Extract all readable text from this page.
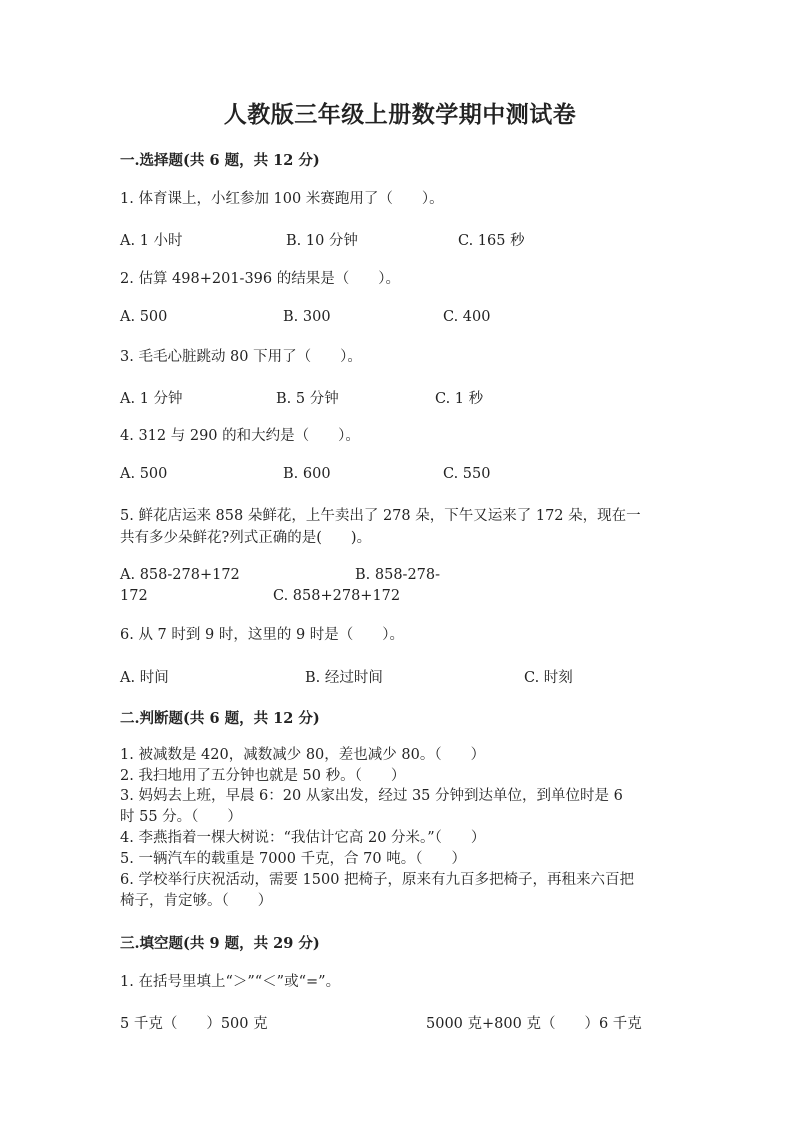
人教版三年级上册数学期中测试卷
一.选择题(共 6 题，共 12 分)
1. 体育课上，小红参加 100 米赛跑用了（　　）。
A. 1 小时	B. 10 分钟	C. 165 秒
2. 估算 498+201-396 的结果是（　　）。
A. 500	B. 300	C. 400
3. 毛毛心脏跳动 80 下用了（　　）。
A. 1 分钟	B. 5 分钟	C. 1 秒
4. 312 与 290 的和大约是（　　）。
A. 500	B. 600	C. 550
5. 鲜花店运来 858 朵鲜花，上午卖出了 278 朵，下午又运来了 172 朵，现在一
共有多少朵鲜花?列式正确的是(　　)。
A. 858-278+172	B. 858-278-
172	C. 858+278+172
6. 从 7 时到 9 时，这里的 9 时是（　　）。
A. 时间	B. 经过时间	C. 时刻
二.判断题(共 6 题，共 12 分)
1. 被减数是 420，减数减少 80，差也减少 80。（　　）
2. 我扫地用了五分钟也就是 50 秒。（　　）
3. 妈妈去上班，早晨 6：20 从家出发，经过 35 分钟到达单位，到单位时是 6
时 55 分。（　　）
4. 李燕指着一棵大树说：“我估计它高 20 分米。”（　　）
5. 一辆汽车的载重是 7000 千克，合 70 吨。（　　）
6. 学校举行庆祝活动，需要 1500 把椅子，原来有九百多把椅子，再租来六百把
椅子，肯定够。（　　）
三.填空题(共 9 题，共 29 分)
1. 在括号里填上“＞”“＜”或“=”。
5 千克（　　）500 克	5000 克+800 克（　　）6 千克
